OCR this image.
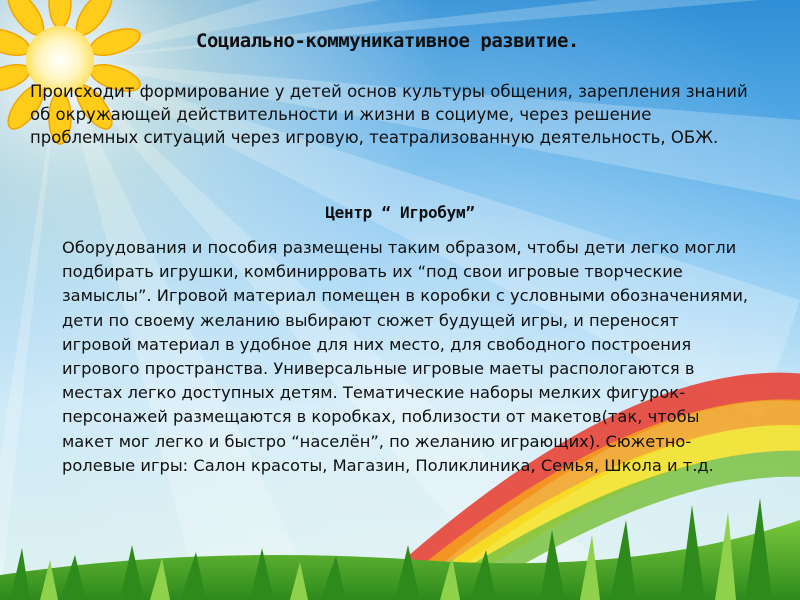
Социально-коммуникативное развитие.

Происходит формирование у детей основ культуры общения, зарепления знаний об окружающей действительности и жизни в социуме, через решение проблемных ситуаций через игровую, театрализованную деятельность, ОБЖ.

Центр “ Игробум”

Оборудования и пособия размещены таким образом, чтобы дети легко могли подбирать игрушки, комбинирровать их “под свои игровые творческие замыслы”. Игровой материал помещен в коробки с условными обозначениями, дети по своему желанию выбирают сюжет будущей игры, и переносят игровой материал в удобное для них место, для свободного построения игрового пространства. Универсальные игровые маеты распологаются в местах легко доступных детям. Тематические наборы мелких фигурок-персонажей размещаются в коробках, поблизости от макетов(так, чтобы макет мог легко и быстро “населён”, по желанию играющих). Сюжетно-ролевые игры: Салон красоты, Магазин, Поликлиника, Семья, Школа и т.д.
